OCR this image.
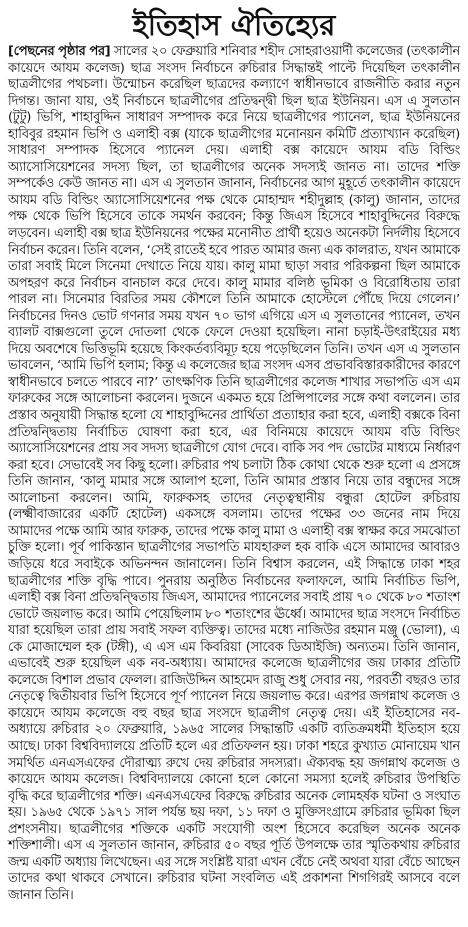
ইতিহাস ঐতিহ্যের

[পেছনের পৃষ্ঠার পর] সালের ২০ ফেব্রুয়ারি শনিবার শহীদ সোহরাওয়ার্দী কলেজের (তৎকালীন কায়েদে আযম কলেজ) ছাত্র সংসদ নির্বাচনে রুচিরার সিদ্ধান্তই পাল্টে দিয়েছিল তৎকালীন ছাত্রলীগের পথচলা। উন্মোচন করেছিল ছাত্রদের কল্যাণে স্বাধীনভাবে রাজনীতি করার নতুন দিগন্ত। জানা যায়, ওই নির্বাচনে ছাত্রলীগের প্রতিদ্বন্দ্বী ছিল ছাত্র ইউনিয়ন। এস এ সুলতান (টুটু) ভিপি, শাহাবুদ্দিন সাধারণ সম্পাদক করে নিয়ে ছাত্রলীগের প্যানেল, ছাত্র ইউনিয়নের হাবিবুর রহমান ভিপি ও এলাহী বক্স (যাকে ছাত্রলীগের মনোনয়ন কমিটি প্রত্যাখ্যান করেছিল) সাধারণ সম্পাদক হিসেবে প্যানেল দেয়। এলাহী বক্স কায়েদে আযম বডি বিল্ডিং অ্যাসোসিয়েশনের সদস্য ছিল, তা ছাত্রলীগের অনেক সদস্যই জানত না। তাদের শক্তি সম্পর্কেও কেউ জানত না। এস এ সুলতান জানান, নির্বাচনের আগ মুহূর্তে তৎকালীন কায়েদে আযম বডি বিল্ডিং অ্যাসোসিয়েশনের পক্ষ থেকে মোহাম্মদ শহীদুল্লাহ (কালু) জানান, তাদের পক্ষ থেকে ভিপি হিসেবে তাকে সমর্থন করবেন; কিন্তু জিএস হিসেবে শাহাবুদ্দিনের বিরুদ্ধে লড়বেন। এলাহী বক্স ছাত্র ইউনিয়নের পক্ষের মনোনীত প্রার্থী হয়েও অনেকটা নির্দলীয় হিসেবে নির্বাচন করেন। তিনি বলেন, ‘সেই রাতেই হবে পারত আমার জন্য এক কালরাত, যখন আমাকে তারা সবাই মিলে সিনেমা দেখাতে নিয়ে যায়। কালু মামা ছাড়া সবার পরিকল্পনা ছিল আমাকে অপহরণ করে নির্বাচন বানচাল করে দেবে। কালু মামার বলিষ্ঠ ভূমিকা ও বিরোধিতায় তারা পারল না। সিনেমার বিরতির সময় কৌশলে তিনি আমাকে হোস্টেলে পৌঁছে দিয়ে গেলেন।’ নির্বাচনের দিনও ভোট গণনার সময় যখন ৭০ ভাগ এগিয়ে এস এ সুলতানের প্যানেল, তখন ব্যালট বাক্সগুলো তুলে দোতলা থেকে ফেলে দেওয়া হয়েছিল। নানা চড়াই-উৎরাইয়ের মধ্য দিয়ে অবশেষে ভিত্তিভূমি হয়েছে কিংকর্তব্যবিমূঢ় হয়ে পড়েছিলেন তিনি। তখন এস এ সুলতান ভাবলেন, ‘আমি ভিপি হলাম; কিন্তু এ কলেজের ছাত্র সংসদ এসব প্রভাববিস্তারকারীদের কারণে স্বাধীনভাবে চলতে পারবে না?’ তাৎক্ষণিক তিনি ছাত্রলীগের কলেজ শাখার সভাপতি এস এম ফারুকের সঙ্গে আলোচনা করলেন। দুজনে একমত হয়ে প্রিন্সিপালের সঙ্গে কথা বললেন। তার প্রস্তাব অনুযায়ী সিদ্ধান্ত হলো যে শাহাবুদ্দিনের প্রার্থিতা প্রত্যাহার করা হবে, এলাহী বক্সকে বিনা প্রতিদ্বন্দ্বিতায় নির্বাচিত ঘোষণা করা হবে, এর বিনিময়ে কায়েদে আযম বডি বিল্ডিং অ্যাসোসিয়েশনের প্রায় সব সদস্য ছাত্রলীগে যোগ দেবে। বাকি সব পদ ভোটের মাধ্যমে নির্ধারণ করা হবে। সেভাবেই সব কিছু হলো। রুচিরার পথ চলাটা ঠিক কোথা থেকে শুরু হলো এ প্রসঙ্গে তিনি জানান, ‘কালু মামার সঙ্গে আলাপ হলো, তিনি আমার প্রস্তাব নিয়ে তার বন্ধুদের সঙ্গে আলোচনা করলেন। আমি, ফারুকসহ তাদের নেতৃত্বস্থানীয় বন্ধুরা হোটেল রুচিরায় (লক্ষ্মীবাজারের একটি হোটেল) একসঙ্গে বসলাম। তাদের পক্ষের ৩৩ জনের নাম দিয়ে আমাদের পক্ষে আমি আর ফারুক, তাদের পক্ষে কালু মামা ও এলাহী বক্স স্বাক্ষর করে সমঝোতা চুক্তি হলো। পূর্ব পাকিস্তান ছাত্রলীগের সভাপতি মাযহারুল হক বাকি এসে আমাদের আবারও জড়িয়ে ধরে সবাইকে অভিনন্দন জানালেন। তিনি বিশ্বাস করলেন, এই সিদ্ধান্তে ঢাকা শহর ছাত্রলীগের শক্তি বৃদ্ধি পাবে। পুনরায় অনুষ্ঠিত নির্বাচনের ফলাফলে, আমি নির্বাচিত ভিপি, এলাহী বক্স বিনা প্রতিদ্বন্দ্বিতায় জিএস, আমাদের প্যানেলের সবাই প্রায় ৭০ থেকে ৮০ শতাংশ ভোটে জয়লাভ করে। আমি পেয়েছিলাম ৮০ শতাংশের ঊর্ধ্বে। আমাদের ছাত্র সংসদে নির্বাচিত যারা হয়েছিল তারা প্রায় সবাই সফল ব্যক্তিত্ব। তাদের মধ্যে নাজিউর রহমান মঞ্জু (ভোলা), এ কে মোজাম্মেল হক (টঙ্গী), এ এস এম কিবরিয়া (সাবেক ডিআইজি) অন্যতম। তিনি জানান, এভাবেই শুরু হয়েছিল এক নব-অধ্যায়। আমাদের কলেজে ছাত্রলীগের জয় ঢাকার প্রতিটি কলেজে বিশাল প্রভাব ফেলল। রাজিউদ্দিন আহমেদ রাজু শুধু সেবার নয়, পরবর্তী বছরও তার নেতৃত্বে দ্বিতীয়বার ভিপি হিসেবে পূর্ণ প্যানেল নিয়ে জয়লাভ করে। এরপর জগন্নাথ কলেজ ও কায়েদে আযম কলেজে বহু বছর ছাত্র সংসদে ছাত্রলীগ নেতৃত্ব দেয়। এই ইতিহাসের নব-অধ্যায়ে রুচিরার ২০ ফেব্রুয়ারি, ১৯৬৫ সালের সিদ্ধান্তটি একটি ব্যতিক্রমধর্মী ইতিহাস হয়ে আছে। ঢাকা বিশ্ববিদ্যালয়ে প্রতিটি হলে এর প্রতিফলন হয়। ঢাকা শহরে কুখ্যাত মোনায়েম খান সমর্থিত এনএসএফের দৌরাত্ম্য রুখে দেয় রুচিরার সদস্যরা। ঐক্যবদ্ধ হয় জগন্নাথ কলেজ ও কায়েদে আযম কলেজ। বিশ্ববিদ্যালয়ে কোনো হলে কোনো সমস্যা হলেই রুচিরার উপস্থিতি বৃদ্ধি করে ছাত্রলীগের শক্তি। এনএসএফের বিরুদ্ধে রুচিরার অনেক লোমহর্ষক ঘটনা ও সংঘাত হয়। ১৯৬৫ থেকে ১৯৭১ সাল পর্যন্ত ছয় দফা, ১১ দফা ও মুক্তিসংগ্রামে রুচিরার ভূমিকা ছিল প্রশংসনীয়। ছাত্রলীগের শক্তিকে একটি সংযোগী অংশ হিসেবে করেছিল অনেক অনেক শক্তিশালী। এস এ সুলতান জানান, রুচিরার ৫০ বছর পূর্তি উপলক্ষে তার স্মৃতিকথায় রুচিরার জন্ম একটি অধ্যায় লিখেছেন। এর সঙ্গে সংশ্লিষ্ট যারা এখন বেঁচে নেই অথবা যারা বেঁচে আছেন তাদের কথা থাকবে সেখানে। রুচিরার ঘটনা সংবলিত এই প্রকাশনা শিগগিরই আসবে বলে জানান তিনি।
